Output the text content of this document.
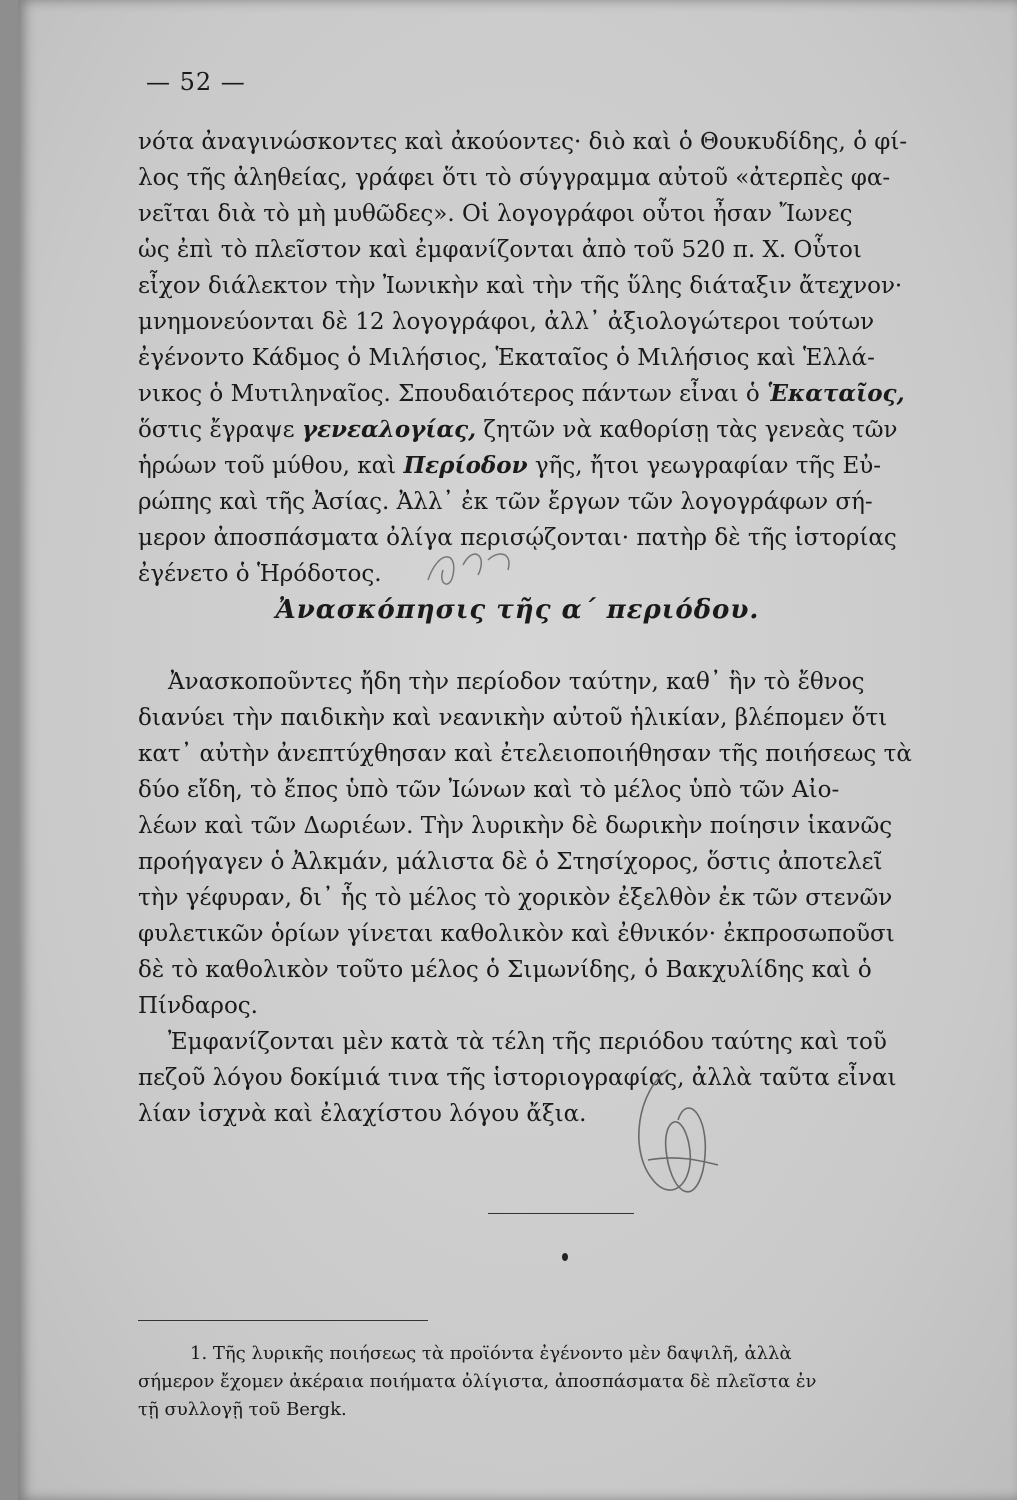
— 52 —
νότα ἀναγινώσκοντες καὶ ἀκούοντες· διὸ καὶ ὁ Θουκυδίδης, ὁ φί-
λος τῆς ἀληθείας, γράφει ὅτι τὸ σύγγραμμα αὐτοῦ «ἀτερπὲς φα-
νεῖται διὰ τὸ μὴ μυθῶδες». Οἱ λογογράφοι οὗτοι ἦσαν Ἴωνες
ὡς ἐπὶ τὸ πλεῖστον καὶ ἐμφανίζονται ἀπὸ τοῦ 520 π. Χ. Οὗτοι
εἶχον διάλεκτον τὴν Ἰωνικὴν καὶ τὴν τῆς ὕλης διάταξιν ἄτεχνον·
μνημονεύονται δὲ 12 λογογράφοι, ἀλλ᾽ ἀξιολογώτεροι τούτων
ἐγένοντο Κάδμος ὁ Μιλήσιος, Ἑκαταῖος ὁ Μιλήσιος καὶ Ἑλλά-
νικος ὁ Μυτιληναῖος. Σπουδαιότερος πάντων εἶναι ὁ Ἑκαταῖος,
ὅστις ἔγραψε γενεαλογίας, ζητῶν νὰ καθορίσῃ τὰς γενεὰς τῶν
ἡρώων τοῦ μύθου, καὶ Περίοδον γῆς, ἤτοι γεωγραφίαν τῆς Εὐ-
ρώπης καὶ τῆς Ἀσίας. Ἀλλ᾽ ἐκ τῶν ἔργων τῶν λογογράφων σή-
μερον ἀποσπάσματα ὀλίγα περισῴζονται· πατὴρ δὲ τῆς ἱστορίας
ἐγένετο ὁ Ἡρόδοτος.
Ἀνασκόπησις τῆς α΄ περιόδου.
Ἀνασκοποῦντες ἤδη τὴν περίοδον ταύτην, καθ᾽ ἣν τὸ ἔθνος
διανύει τὴν παιδικὴν καὶ νεανικὴν αὐτοῦ ἡλικίαν, βλέπομεν ὅτι
κατ᾽ αὐτὴν ἀνεπτύχθησαν καὶ ἐτελειοποιήθησαν τῆς ποιήσεως τὰ
δύο εἴδη, τὸ ἔπος ὑπὸ τῶν Ἰώνων καὶ τὸ μέλος ὑπὸ τῶν Αἰο-
λέων καὶ τῶν Δωριέων. Τὴν λυρικὴν δὲ δωρικὴν ποίησιν ἱκανῶς
προήγαγεν ὁ Ἀλκμάν, μάλιστα δὲ ὁ Στησίχορος, ὅστις ἀποτελεῖ
τὴν γέφυραν, δι᾽ ἧς τὸ μέλος τὸ χορικὸν ἐξελθὸν ἐκ τῶν στενῶν
φυλετικῶν ὁρίων γίνεται καθολικὸν καὶ ἐθνικόν· ἐκπροσωποῦσι
δὲ τὸ καθολικὸν τοῦτο μέλος ὁ Σιμωνίδης, ὁ Βακχυλίδης καὶ ὁ
Πίνδαρος.
Ἐμφανίζονται μὲν κατὰ τὰ τέλη τῆς περιόδου ταύτης καὶ τοῦ
πεζοῦ λόγου δοκίμιά τινα τῆς ἱστοριογραφίας, ἀλλὰ ταῦτα εἶναι
λίαν ἰσχνὰ καὶ ἐλαχίστου λόγου ἄξια.
1. Τῆς λυρικῆς ποιήσεως τὰ προϊόντα ἐγένοντο μὲν δαψιλῆ, ἀλλὰ
σήμερον ἔχομεν ἀκέραια ποιήματα ὀλίγιστα, ἀποσπάσματα δὲ πλεῖστα ἐν
τῇ συλλογῇ τοῦ Bergk.
